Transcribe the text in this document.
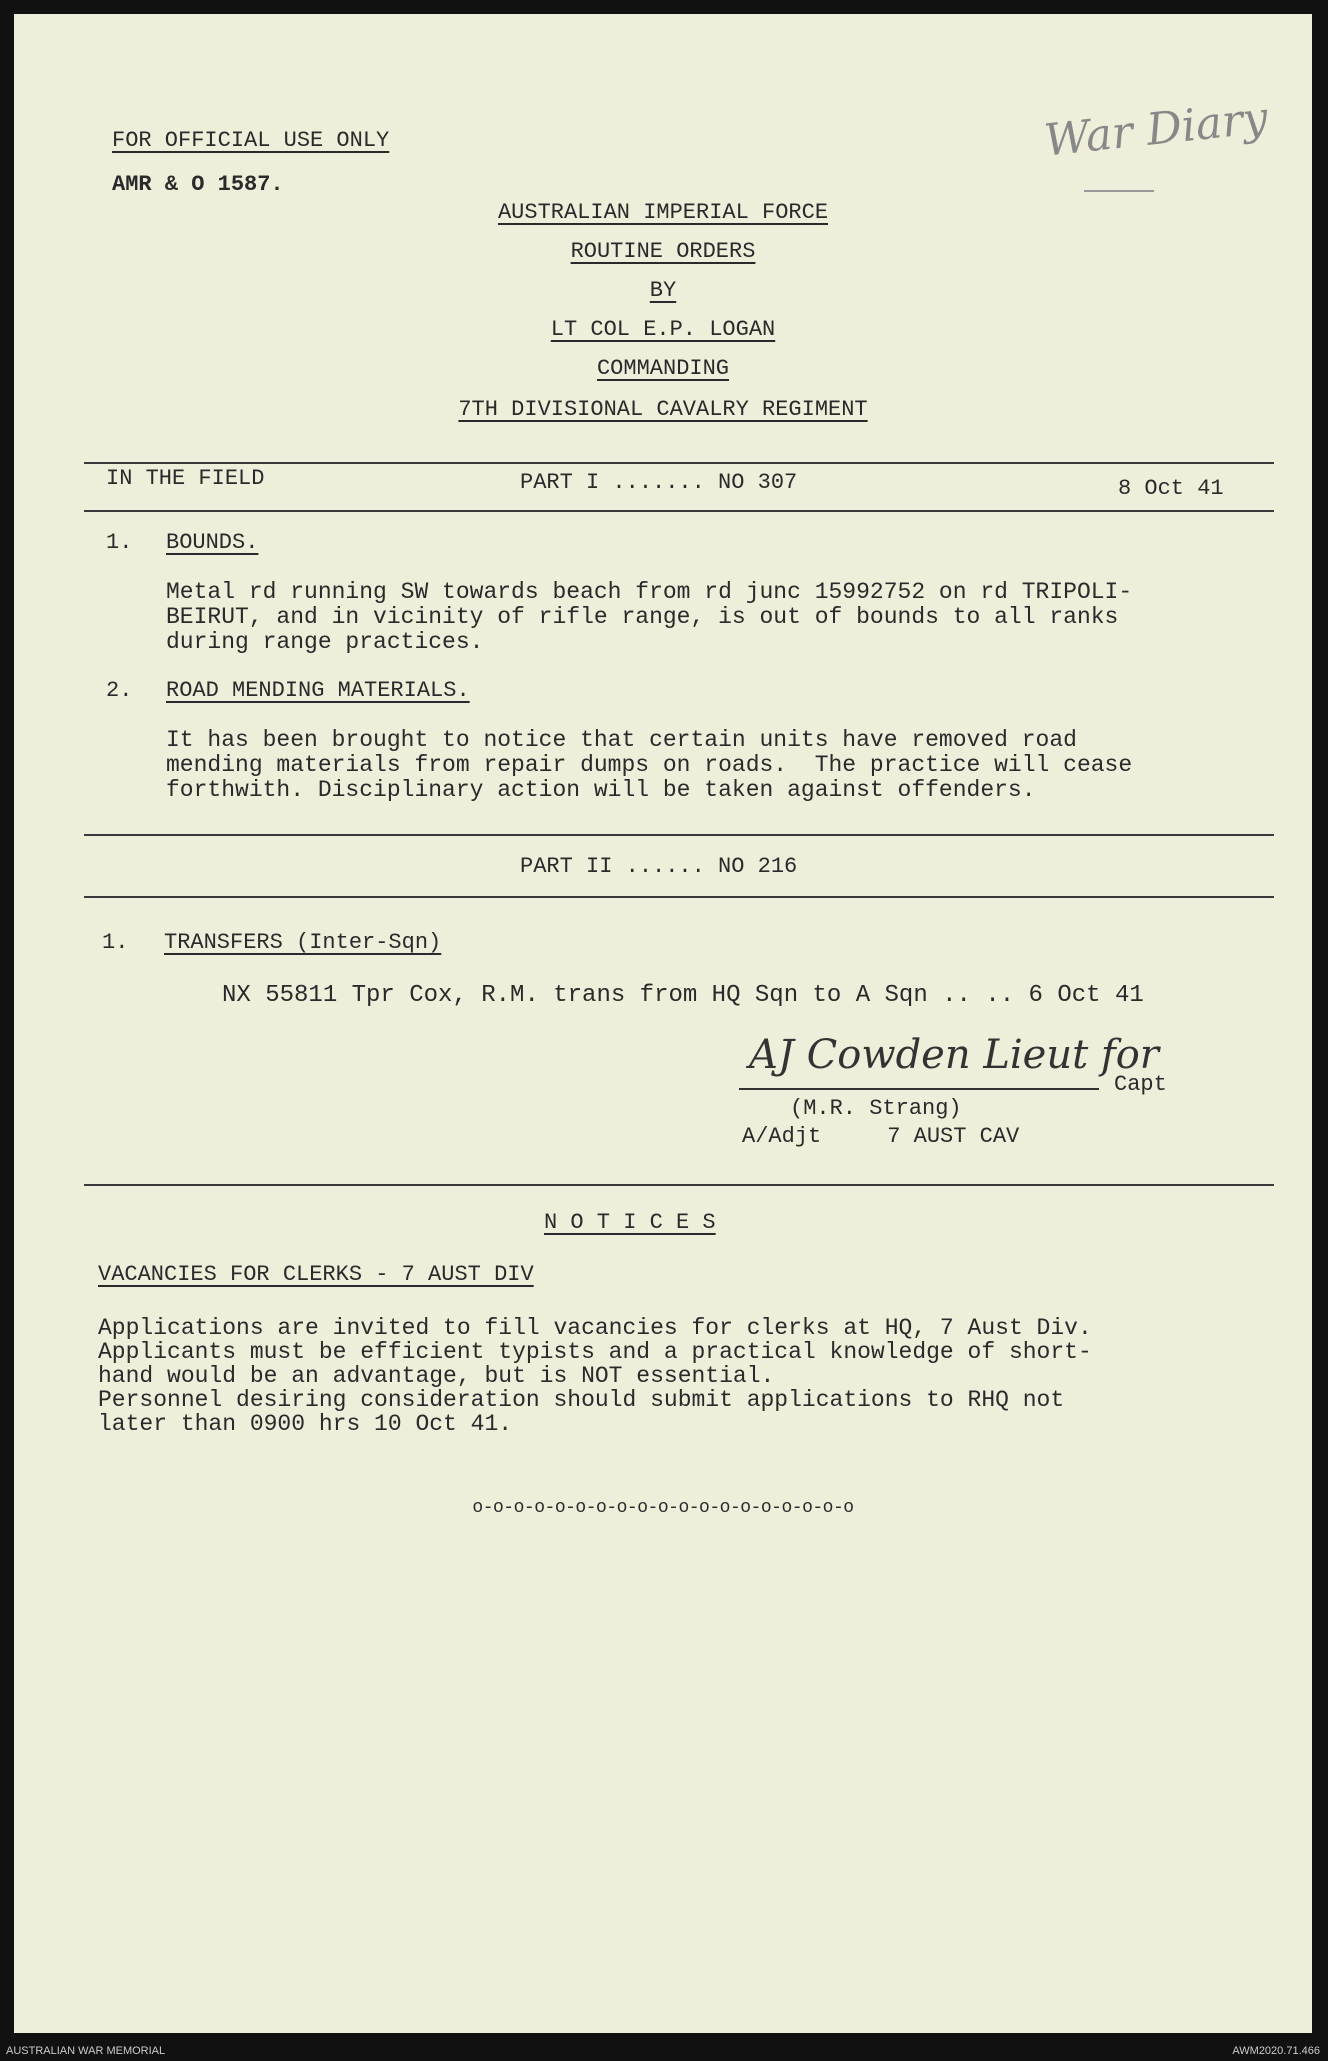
FOR OFFICIAL USE ONLY
AMR & O 1587.
War Diary
AUSTRALIAN IMPERIAL FORCE
ROUTINE ORDERS
BY
LT COL E.P. LOGAN
COMMANDING
7TH DIVISIONAL CAVALRY REGIMENT
IN THE FIELD	PART I ....... NO 307	8 Oct 41
1. BOUNDS.
Metal rd running SW towards beach from rd junc 15992752 on rd TRIPOLI-
BEIRUT, and in vicinity of rifle range, is out of bounds to all ranks
during range practices.
2. ROAD MENDING MATERIALS.
It has been brought to notice that certain units have removed road
mending materials from repair dumps on roads.  The practice will cease
forthwith. Disciplinary action will be taken against offenders.
PART II ...... NO 216
1. TRANSFERS (Inter-Sqn)
NX 55811 Tpr Cox, R.M. trans from HQ Sqn to A Sqn .. .. 6 Oct 41
AJ Cowden Lieut for
Capt
(M.R. Strang)
A/Adjt     7 AUST CAV
N O T I C E S
VACANCIES FOR CLERKS - 7 AUST DIV
Applications are invited to fill vacancies for clerks at HQ, 7 Aust Div.
Applicants must be efficient typists and a practical knowledge of short-
hand would be an advantage, but is NOT essential.
Personnel desiring consideration should submit applications to RHQ not
later than 0900 hrs 10 Oct 41.
o-o-o-o-o-o-o-o-o-o-o-o-o-o-o-o-o-o-o
AUSTRALIAN WAR MEMORIAL	AWM2020.71.466
